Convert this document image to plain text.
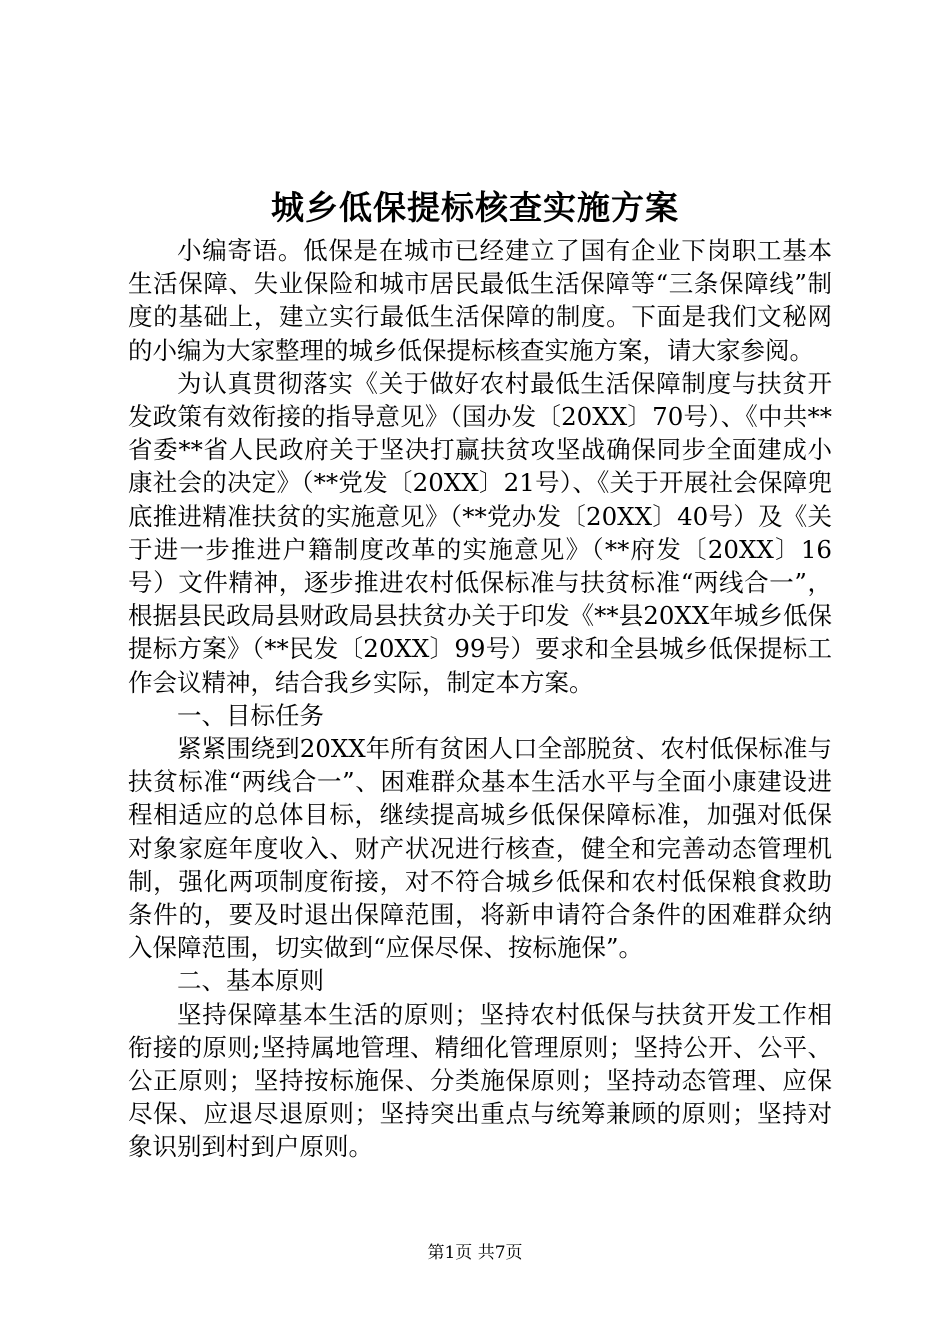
城乡低保提标核查实施方案

小编寄语。低保是在城市已经建立了国有企业下岗职工基本生活保障、失业保险和城市居民最低生活保障等“三条保障线”制度的基础上，建立实行最低生活保障的制度。下面是我们文秘网的小编为大家整理的城乡低保提标核查实施方案，请大家参阅。

为认真贯彻落实《关于做好农村最低生活保障制度与扶贫开发政策有效衔接的指导意见》（国办发〔20XX〕70号）、《中共**省委**省人民政府关于坚决打赢扶贫攻坚战确保同步全面建成小康社会的决定》（**党发〔20XX〕21号）、《关于开展社会保障兜底推进精准扶贫的实施意见》（**党办发〔20XX〕40号）及《关于进一步推进户籍制度改革的实施意见》（**府发〔20XX〕16号）文件精神，逐步推进农村低保标准与扶贫标准“两线合一”，根据县民政局县财政局县扶贫办关于印发《**县20XX年城乡低保提标方案》（**民发〔20XX〕99号）要求和全县城乡低保提标工作会议精神，结合我乡实际，制定本方案。

一、目标任务

紧紧围绕到20XX年所有贫困人口全部脱贫、农村低保标准与扶贫标准“两线合一”、困难群众基本生活水平与全面小康建设进程相适应的总体目标，继续提高城乡低保保障标准，加强对低保对象家庭年度收入、财产状况进行核查，健全和完善动态管理机制，强化两项制度衔接，对不符合城乡低保和农村低保粮食救助条件的，要及时退出保障范围，将新申请符合条件的困难群众纳入保障范围，切实做到“应保尽保、按标施保”。

二、基本原则

坚持保障基本生活的原则；坚持农村低保与扶贫开发工作相衔接的原则;坚持属地管理、精细化管理原则；坚持公开、公平、公正原则；坚持按标施保、分类施保原则；坚持动态管理、应保尽保、应退尽退原则；坚持突出重点与统筹兼顾的原则；坚持对象识别到村到户原则。

第1页 共7页
